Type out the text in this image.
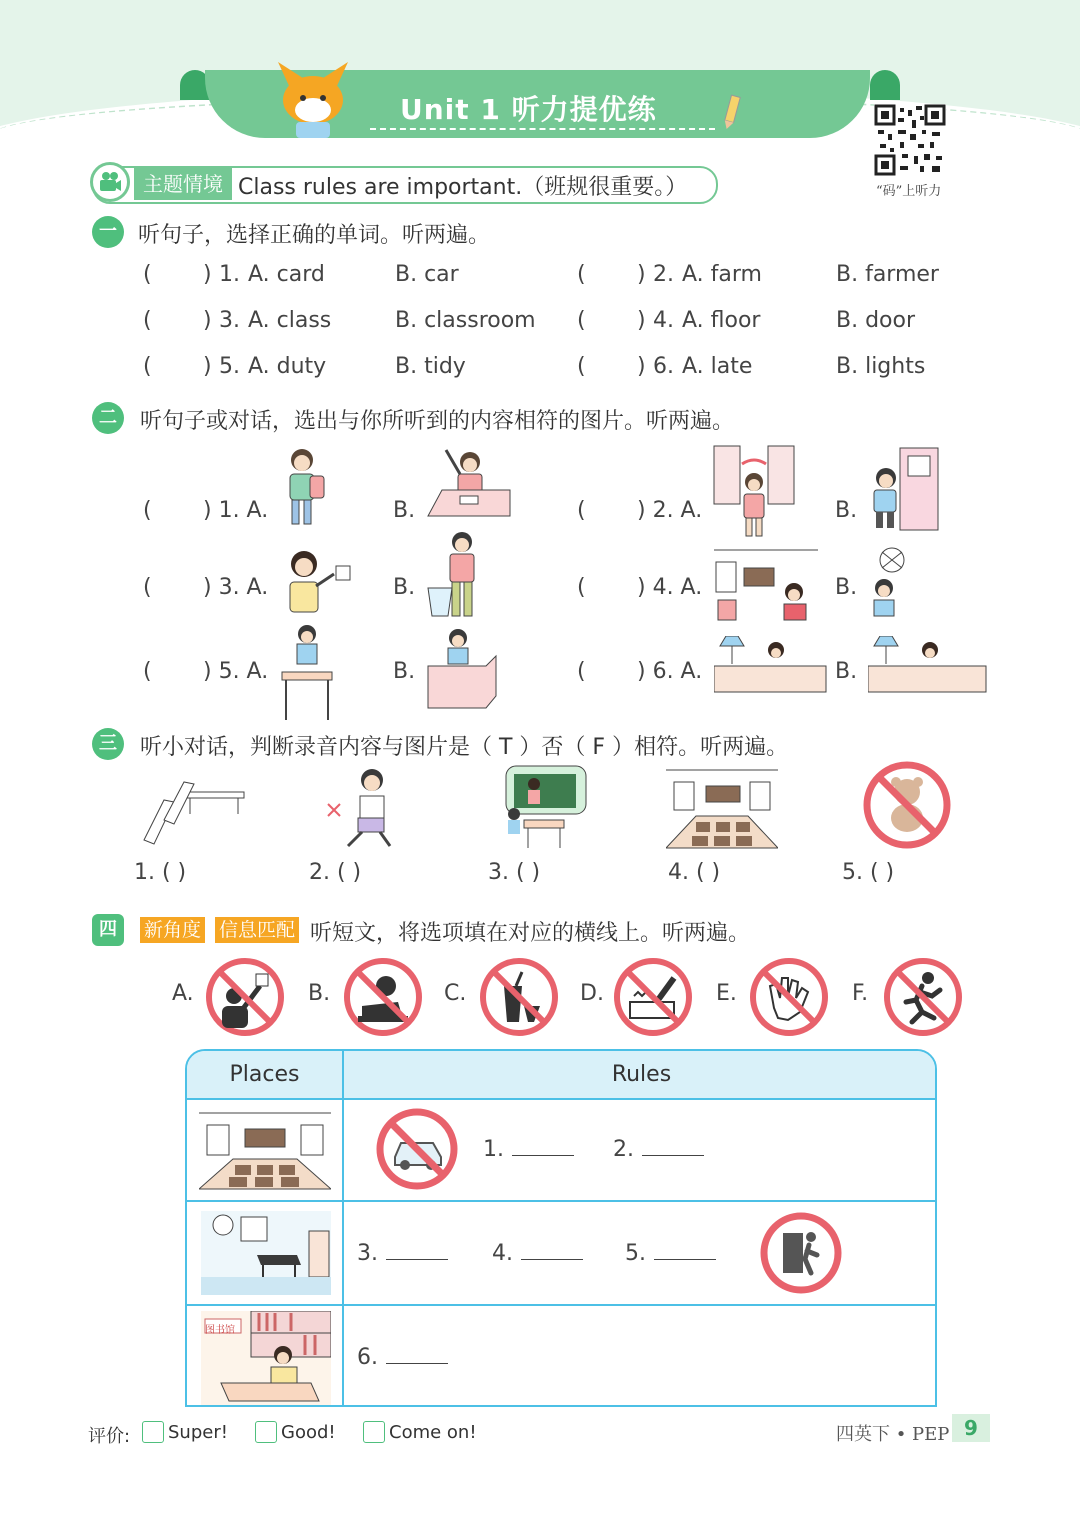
Unit 1 听力提优练
“码”上听力
主题情境 Class rules are important.（班规很重要。）
一 听句子，选择正确的单词。听两遍。
( ) 1. A. card	B. car	( ) 2. A. farm	B. farmer
( ) 3. A. class	B. classroom ( ) 4. A. floor	B. door
( ) 5. A. duty	B. tidy	( ) 6. A. late	B. lights
二	听句子或对话，选出与你所听到的内容相符的图片。听两遍。
( ) 1. A.	B.	( ) 2. A.	B.
( ) 3. A.	B.	( ) 4. A.	B.
( ) 5. A.	B.	( ) 6. A.	B.
三	听小对话，判断录音内容与图片是（ T ）否（ F ）相符。听两遍。
1. ( )	2. ( )	3. ( )	4. ( )	5. ( )
四	新角度 信息匹配 听短文，将选项填在对应的横线上。听两遍。
A.	B.	C.	D.	E.	F.
Places	Rules
1.	2.
3.	4.	5.
图书馆
6.
评价: Super!	Good!	Come on!	四英下 • PEP 9
